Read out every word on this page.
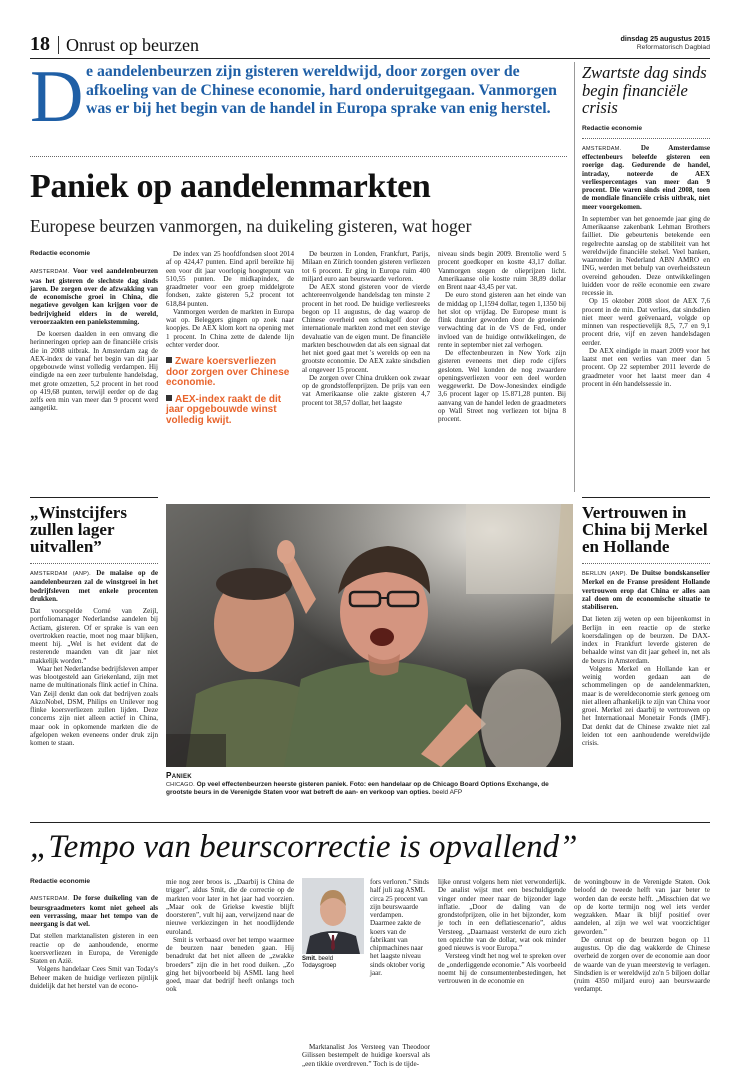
18 Onrust op beurzen	dinsdag 25 augustus 2015
Reformatorisch Dagblad
D e aandelenbeurzen zijn gisteren wereldwijd, door zorgen over de afkoeling van de Chinese economie, hard onderuitgegaan. Vanmorgen was er bij het begin van de handel in Europa sprake van enig herstel.
Zwartste dag sinds begin financiële crisis
Redactie economie

AMSTERDAM.	De Amsterdamse effectenbeurs beleefde gisteren een roerige dag. Gedurende de handel, intraday, noteerde de AEX verliespercentages van meer dan 9 procent. Die waren sinds eind 2008, toen de mondiale financiële crisis uitbrak, niet meer voorgekomen.

In september van het genoemde jaar ging de Amerikaanse zakenbank Lehman Brothers failliet. Die gebeurtenis betekende een regelrechte aanslag op de stabiliteit van het wereldwijde financiële stelsel. Veel banken, waaronder in Nederland ABN AMRO en ING, werden met behulp van overheidssteun overeind gehouden. Deze ontwikkelingen luidden voor de reële economie een zware recessie in.

Op 15 oktober 2008 sloot de AEX 7,6 procent in de min. Dat verlies, dat sindsdien niet meer werd geëvenaard, volgde op minnen van respectievelijk 8,5, 7,7 en 9,1 procent drie, vijf en zeven handelsdagen eerder.

De AEX eindigde in maart 2009 voor het laatst met een verlies van meer dan 5 procent. Op 22 september 2011 leverde de graadmeter voor het laatst meer dan 4 procent in één handelssessie in.

Paniek op aandelenmarkten
Europese beurzen vanmorgen, na duikeling gisteren, wat hoger
Redactie economie

AMSTERDAM. Voor veel aandelenbeurzen was het gisteren de slechtste dag sinds jaren. De zorgen over de afzwakking van de economische groei in China, die negatieve gevolgen kan krijgen voor de bedrijvigheid elders in de wereld, veroorzaakten een paniekstemming.

De koersen daalden in een omvang die herinneringen opriep aan de financiële crisis die in 2008 uitbrak. In Amsterdam zag de AEX-index de vanaf het begin van dit jaar opgebouwde winst volledig verdampen. Hij eindigde na een zeer turbulente handelsdag, met grote omzetten, 5,2 procent in het rood op 419,68 punten, terwijl eerder op de dag zelfs een min van meer dan 9 procent werd aangetikt.

De index van 25 hoofdfondsen sloot 2014 af op 424,47 punten. Eind april bereikte hij een voor dit jaar voorlopig hoogtepunt van 510,55 punten. De midkapindex, de graadmeter voor een groep middelgrote fondsen, zakte gisteren 5,2 procent tot 618,84 punten.

Vanmorgen werden de markten in Europa wat op. Beleggers gingen op zoek naar koopjes. De AEX klom kort na opening met 1 procent. In China zette de dalende lijn echter verder door.

Zware koersverliezen door zorgen over Chinese economie.
AEX-index raakt de dit jaar opgebouwde winst volledig kwijt.

De beurzen in Londen, Frankfurt, Parijs, Milaan en Zürich toonden gisteren verliezen tot 6 procent. Er ging in Europa ruim 400 miljard euro aan beurswaarde verloren.

De AEX stond gisteren voor de vierde achtereenvolgende handelsdag ten minste 2 procent in het rood. De huidige verliesreeks begon op 11 augustus, de dag waarop de Chinese overheid een schokgolf door de internationale markten zond met een stevige devaluatie van de eigen munt. De financiële markten beschouwden dat als een signaal dat het niet goed gaat met 's werelds op een na grootste economie. De AEX zakte sindsdien al ongeveer 15 procent.

De zorgen over China drukken ook zwaar op de grondstoffenprijzen. De prijs van een vat Amerikaanse olie zakte gisteren 4,7 procent tot 38,57 dollar, het laagste

niveau sinds begin 2009. Brentolie werd 5 procent goedkoper en kostte 43,17 dollar. Vanmorgen stegen de olieprijzen licht. Amerikaanse olie kostte ruim 38,89 dollar en Brent naar 43,45 per vat.

De euro stond gisteren aan het einde van de middag op 1,1594 dollar, tegen 1,1350 bij het slot op vrijdag. De Europese munt is flink duurder geworden door de groeiende verwachting dat in de VS de Fed, onder invloed van de huidige ontwikkelingen, de rente in september niet zal verhogen.

De effectenbeurzen in New York zijn gisteren eveneens met diep rode cijfers gesloten. Wel konden de nog zwaardere openingsverliezen voor een deel worden weggewerkt. De Dow-Jonesindex eindigde 3,6 procent lager op 15.871,28 punten. Bij aanvang van de handel leden de graadmeters op Wall Street nog verliezen tot bijna 8 procent.

„Winstcijfers zullen lager uitvallen”

AMSTERDAM (ANP). De malaise op de aandelenbeurzen zal de winstgroei in het bedrijfsleven met enkele procenten drukken.

Dat voorspelde Corné van Zeijl, portfoliomanager Nederlandse aandelen bij Actiam, gisteren. Of er sprake is van een overtrokken reactie, moet nog maar blijken, meent hij. „Wel is het evident dat de resterende maanden van dit jaar niet makkelijk worden.”

Waar het Nederlandse bedrijfsleven amper was blootgesteld aan Griekenland, zijn met name de multinationals flink actief in China. Van Zeijl denkt dan ook dat bedrijven zoals AkzoNobel, DSM, Philips en Unilever nog flinke koersverliezen zullen lijden. Deze concerns zijn niet alleen actief in China, maar ook in opkomende markten die de afgelopen weken eveneens onder druk zijn komen te staan.

Paniek
CHICAGO. Op veel effectenbeurzen heerste gisteren paniek. Foto: een handelaar op de Chicago Board Options Exchange, de grootste beurs in de Verenigde Staten voor wat betreft de aan- en verkoop van opties. beeld AFP
Vertrouwen in China bij Merkel en Hollande

BERLIJN (ANP). De Duitse bondskanselier Merkel en de Franse president Hollande vertrouwen erop dat China er alles aan zal doen om de economische situatie te stabiliseren.

Dat lieten zij weten op een bijeenkomst in Berlijn in een reactie op de sterke koersdalingen op de beurzen. De DAX-index in Frankfurt leverde gisteren de behaalde winst van dit jaar geheel in, net als de beurs in Amsterdam.

Volgens Merkel en Hollande kan er weinig worden gedaan aan de schommelingen op de aandelenmarkten, maar is de wereldeconomie sterk genoeg om niet alleen afhankelijk te zijn van China voor groei. Merkel zei daarbij te vertrouwen op het Internationaal Monetair Fonds (IMF). Dat denkt dat de Chinese zwakte niet zal leiden tot een aanhoudende wereldwijde crisis.

„Tempo van beurscorrectie is opvallend”
Redactie economie

AMSTERDAM. De forse duikeling van de beursgraadmeters komt niet geheel als een verrassing, maar het tempo van de neergang is dat wel.

Dat stellen marktanalisten gisteren in een reactie op de aanhoudende, enorme koersverliezen in Europa, de Verenigde Staten en Azië.

Volgens handelaar Cees Smit van Today's Beheer maken de huidige verliezen pijnlijk duidelijk dat het herstel van de econo-

mie nog zeer broos is. „Daarbij is China de trigger”, aldus Smit, die de correctie op de markten voor later in het jaar had voorzien. „Maar ook de Griekse kwestie blijft doorsteren”, vult hij aan, verwijzend naar de nieuwe verkiezingen in het noodlijdende euroland.

Smit is verbaasd over het tempo waarmee de beurzen naar beneden gaan. Hij benadrukt dat het niet alleen de „zwakke broeders” zijn die in het rood duiken. „Zo ging het bijvoorbeeld bij ASML lang heel goed, maar dat bedrijf heeft onlangs toch ook

Smit. beeld Todaysgroep

fors verloren.” Sinds half juli zag ASML circa 25 procent van zijn beurswaarde verdampen. Daarmee zakte de koers van de fabrikant van chipmachines naar het laagste niveau sinds oktober vorig jaar.

Marktanalist Jos Versteeg van Theodoor Gilissen bestempelt de huidige koersval als „een tikkie overdreven.” Toch is de tijde-

lijke onrust volgens hem niet verwonderlijk. De analist wijst met een beschuldigende vinger onder meer naar de bijzonder lage inflatie. „Door de daling van de grondstofprijzen, olie in het bijzonder, kom je toch in een deflatiescenario”, aldus Versteeg. „Daarnaast versterkt de euro zich ten opzichte van de dollar, wat ook minder goed nieuws is voor Europa.”

Versteeg vindt het nog wel te spreken over de „onderliggende economie.” Als voorbeeld noemt hij de consumentenbestedingen, het vertrouwen in de economie en

de woningbouw in de Verenigde Staten. Ook beloofd de tweede helft van jaar beter te worden dan de eerste helft. „Misschien dat we op de korte termijn nog wel iets verder wegzakken. Maar ik blijf positief over aandelen, al zijn we wel wat voorzichtiger geworden.”

De onrust op de beurzen begon op 11 augustus. Op die dag wakkerde de Chinese overheid de zorgen over de economie aan door de waarde van de yuan meerstevig te verlagen. Sindsdien is er wereldwijd zo'n 5 biljoen dollar (ruim 4350 miljard euro) aan beurswaarde verdampt.
